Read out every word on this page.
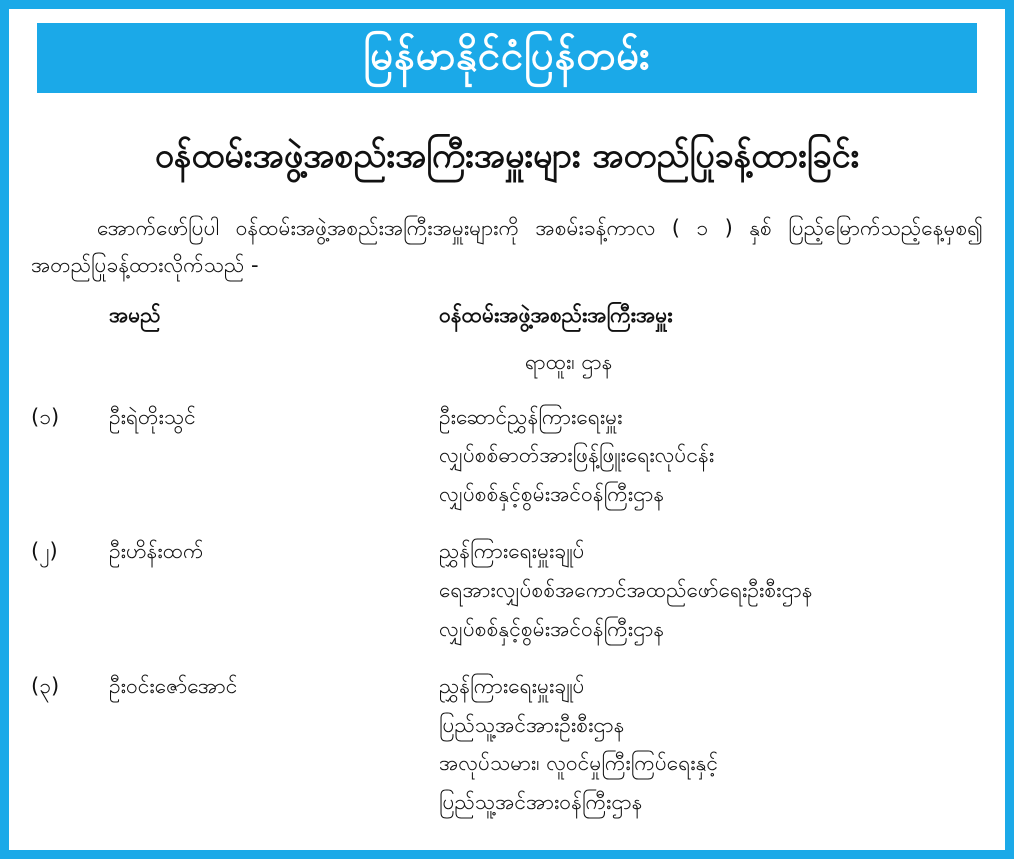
မြန်မာနိုင်ငံပြန်တမ်း
ဝန်ထမ်းအဖွဲ့အစည်းအကြီးအမှူးများ အတည်ပြုခန့်ထားခြင်း
အောက်ဖော်ပြပါ ဝန်ထမ်းအဖွဲ့အစည်းအကြီးအမှူးများကို အစမ်းခန့်ကာလ ( ၁ ) နှစ် ပြည့်မြောက်သည့်နေ့မှစ၍ အတည်ပြုခန့်ထားလိုက်သည် -
အမည်	ဝန်ထမ်းအဖွဲ့အစည်းအကြီးအမှူး
ရာထူး၊ ဌာန
(၁)	ဦးရဲတိုးသွင်	ဦးဆောင်ညွှန်ကြားရေးမှူး
လျှပ်စစ်ဓာတ်အားဖြန့်ဖြူးရေးလုပ်ငန်း
လျှပ်စစ်နှင့်စွမ်းအင်ဝန်ကြီးဌာန
(၂)	ဦးဟိန်းထက်	ညွှန်ကြားရေးမှူးချုပ်
ရေအားလျှပ်စစ်အကောင်အထည်ဖော်ရေးဦးစီးဌာန
လျှပ်စစ်နှင့်စွမ်းအင်ဝန်ကြီးဌာန
(၃)	ဦးဝင်းဇော်အောင်	ညွှန်ကြားရေးမှူးချုပ်
ပြည်သူ့အင်အားဦးစီးဌာန
အလုပ်သမား၊ လူဝင်မှုကြီးကြပ်ရေးနှင့်
ပြည်သူ့အင်အားဝန်ကြီးဌာန
